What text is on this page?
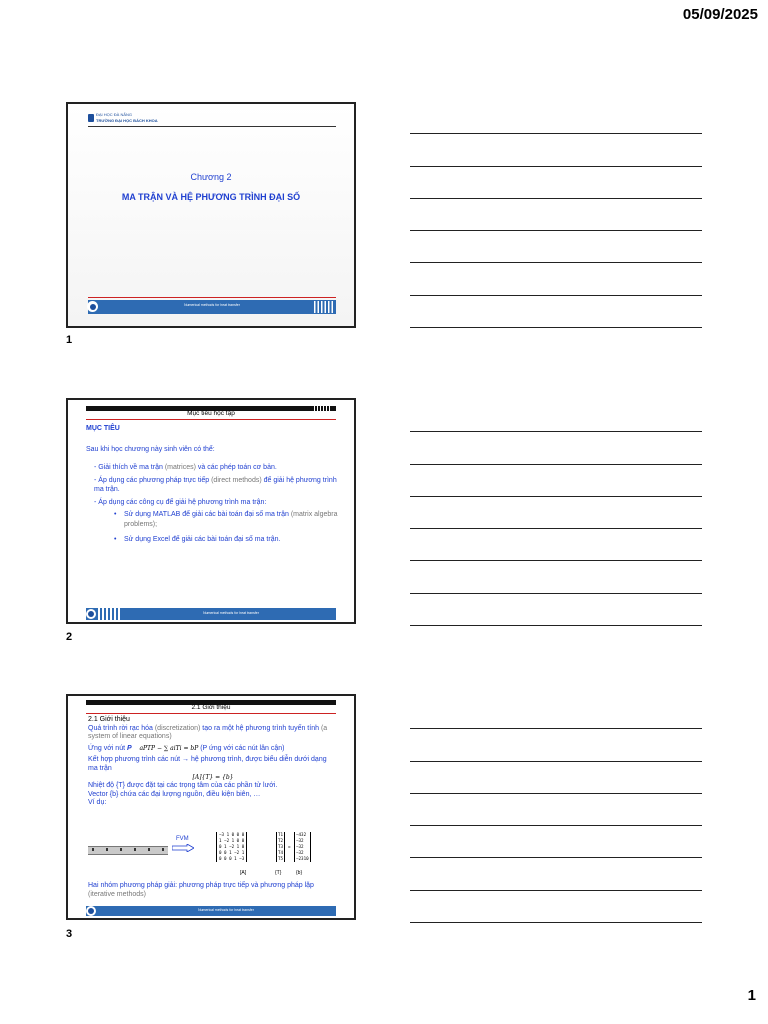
05/09/2025
ĐẠI HỌC ĐÀ NẴNG
TRƯỜNG ĐẠI HỌC BÁCH KHOA
Chương 2
MA TRẬN VÀ HỆ PHƯƠNG TRÌNH ĐẠI SỐ
Numerical methods for heat transfer
1
Mục tiêu học tập
MỤC TIÊU
Sau khi học chương này sinh viên có thể:
- Giải thích về ma trận (matrices) và các phép toán cơ bản.
- Áp dụng các phương pháp trực tiếp (direct methods) để giải hệ phương trình ma trận.
- Áp dụng các công cụ để giải hệ phương trình ma trận:
• Sử dụng MATLAB để giải các bài toán đại số ma trận (matrix algebra problems);
• Sử dụng Excel để giải các bài toán đại số ma trận.
Numerical methods for heat transfer
2
2.1 Giới thiệu
2.1 Giới thiệu
Quá trình rời rạc hóa (discretization) tạo ra một hệ phương trình tuyến tính (a system of linear equations)
Ứng với nút P aPTP − ∑ aiTi = bP (P ứng với các nút lân cận)
Kết hợp phương trình các nút → hệ phương trình, được biểu diễn dưới dạng ma trận
[A]{T} = {b}
Nhiệt độ {T} được đặt tại các trọng tâm của các phần tử lưới.
Vector {b} chứa các đại lượng nguồn, điều kiện biên, …
Ví dụ:
FVM
−3 1 0 0 0
1 −2 1 0 0
0 1 −2 1 0
0 0 1 −2 1
0 0 0 1 −3
T1
T2
T3
T4
T5
=
−432
−32
−32
−32
−2310
[A]	{T}	{b}
Hai nhóm phương pháp giải: phương pháp trực tiếp và phương pháp lặp (iterative methods)
Numerical methods for heat transfer
3
1
